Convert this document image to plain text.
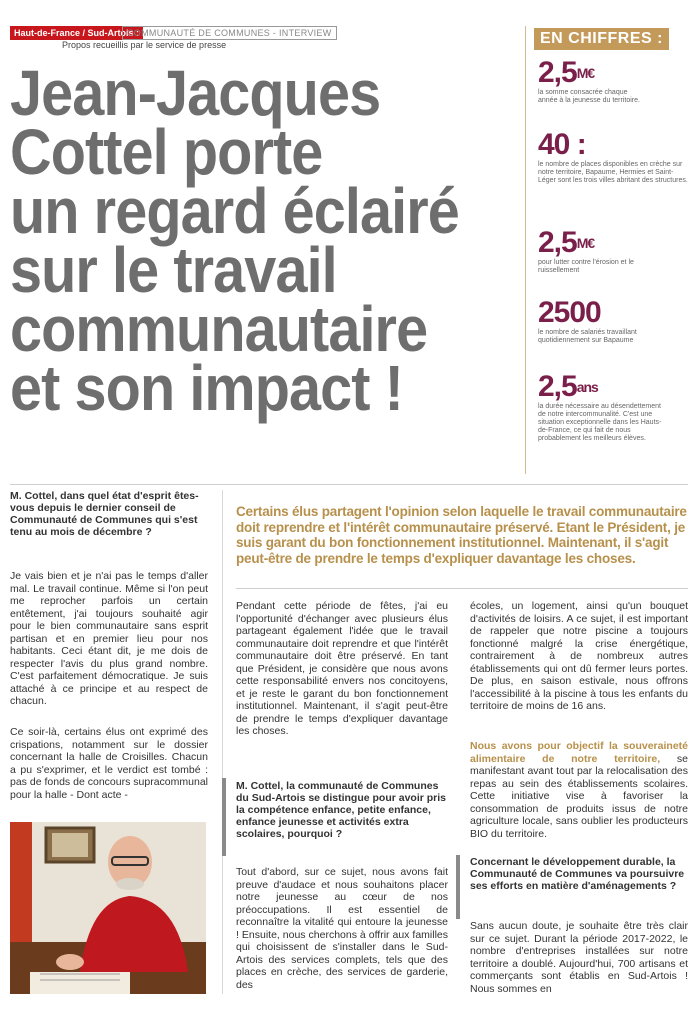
Haut-de-France / Sud-Artois :
COMMUNAUTÉ DE COMMUNES - INTERVIEW
Propos recueillis par le service de presse
Jean-Jacques
Cottel porte
un regard éclairé
sur le travail
communautaire
et son impact !
EN CHIFFRES :
$2,5^{M€}$
la somme consacrée chaque année à la jeunesse du territoire.
40 :
le nombre de places disponibles en crèche sur notre territoire, Bapaume, Hermies et Saint-Léger sont les trois villes abritant des structures.
$2,5^{M€}$
pour lutter contre l'érosion et le ruissellement
2500
le nombre de salariés travaillant quotidiennement sur Bapaume
$2,5^{ans}$
la durée nécessaire au désendettement de notre intercommunalité. C'est une situation exceptionnelle dans les Hauts-de-France, ce qui fait de nous probablement les meilleurs élèves.
M. Cottel, dans quel état d'esprit êtes-vous depuis le dernier conseil de Communauté de Communes qui s'est tenu au mois de décembre ?
Je vais bien et je n'ai pas le temps d'aller mal. Le travail continue. Même si l'on peut me reprocher parfois un certain entêtement, j'ai toujours souhaité agir pour le bien communautaire sans esprit partisan et en premier lieu pour nos habitants. Ceci étant dit, je me dois de respecter l'avis du plus grand nombre. C'est parfaitement démocratique. Je suis attaché à ce principe et au respect de chacun.
Ce soir-là, certains élus ont exprimé des crispations, notamment sur le dossier concernant la halle de Croisilles. Chacun a pu s'exprimer, et le verdict est tombé : pas de fonds de concours supracommunal pour la halle - Dont acte -
Certains élus partagent l'opinion selon laquelle le travail communautaire doit reprendre et l'intérêt communautaire préservé. Etant le Président, je suis garant du bon fonctionnement institutionnel. Maintenant, il s'agit peut-être de prendre le temps d'expliquer davantage les choses.
Pendant cette période de fêtes, j'ai eu l'opportunité d'échanger avec plusieurs élus partageant également l'idée que le travail communautaire doit reprendre et que l'intérêt communautaire doit être préservé. En tant que Président, je considère que nous avons cette responsabilité envers nos concitoyens, et je reste le garant du bon fonctionnement institutionnel. Maintenant, il s'agit peut-être de prendre le temps d'expliquer davantage les choses.
M. Cottel, la communauté de Communes du Sud-Artois se distingue pour avoir pris la compétence enfance, petite enfance, enfance jeunesse et activités extra scolaires, pourquoi ?
Tout d'abord, sur ce sujet, nous avons fait preuve d'audace et nous souhaitons placer notre jeunesse au cœur de nos préoccupations. Il est essentiel de reconnaître la vitalité qui entoure la jeunesse ! Ensuite, nous cherchons à offrir aux familles qui choisissent de s'installer dans le Sud-Artois des services complets, tels que des places en crèche, des services de garderie, des
écoles, un logement, ainsi qu'un bouquet d'activités de loisirs. A ce sujet, il est important de rappeler que notre piscine a toujours fonctionné malgré la crise énergétique, contrairement à de nombreux autres établissements qui ont dû fermer leurs portes. De plus, en saison estivale, nous offrons l'accessibilité à la piscine à tous les enfants du territoire de moins de 16 ans.
Nous avons pour objectif la souveraineté alimentaire de notre territoire, se manifestant avant tout par la relocalisation des repas au sein des établissements scolaires. Cette initiative vise à favoriser la consommation de produits issus de notre agriculture locale, sans oublier les producteurs BIO du territoire.
Concernant le développement durable, la Communauté de Communes va poursuivre ses efforts en matière d'aménagements ?
Sans aucun doute, je souhaite être très clair sur ce sujet. Durant la période 2017-2022, le nombre d'entreprises installées sur notre territoire a doublé. Aujourd'hui, 700 artisans et commerçants sont établis en Sud-Artois ! Nous sommes en
